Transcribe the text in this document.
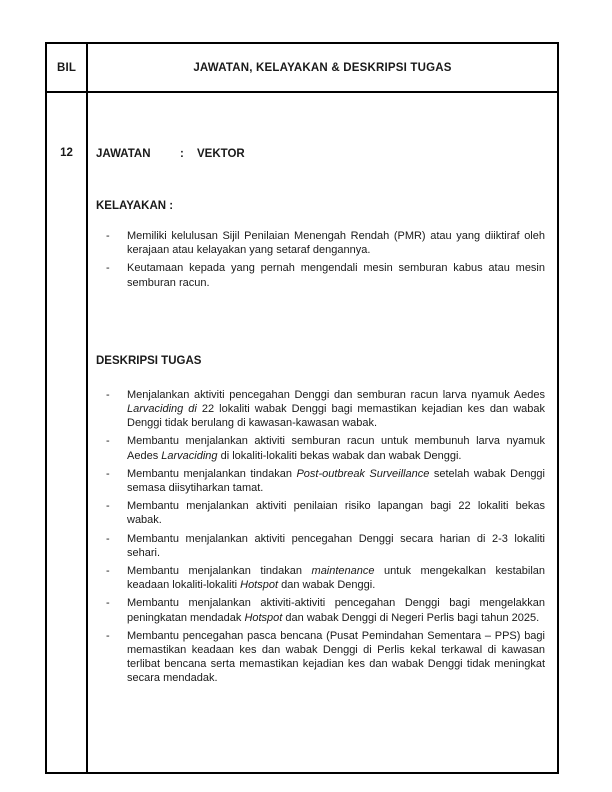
BIL	JAWATAN, KELAYAKAN & DESKRIPSI TUGAS
12	JAWATAN	:	VEKTOR
KELAYAKAN :
-	Memiliki kelulusan Sijil Penilaian Menengah Rendah (PMR) atau yang diiktiraf oleh kerajaan atau kelayakan yang setaraf dengannya.
-	Keutamaan kepada yang pernah mengendali mesin semburan kabus atau mesin semburan racun.
DESKRIPSI TUGAS
-	Menjalankan aktiviti pencegahan Denggi dan semburan racun larva nyamuk Aedes Larvaciding di 22 lokaliti wabak Denggi bagi memastikan kejadian kes dan wabak Denggi tidak berulang di kawasan-kawasan wabak.
-	Membantu menjalankan aktiviti semburan racun untuk membunuh larva nyamuk Aedes Larvaciding di lokaliti-lokaliti bekas wabak dan wabak Denggi.
-	Membantu menjalankan tindakan Post-outbreak Surveillance setelah wabak Denggi semasa diisytiharkan tamat.
-	Membantu menjalankan aktiviti penilaian risiko lapangan bagi 22 lokaliti bekas wabak.
-	Membantu menjalankan aktiviti pencegahan Denggi secara harian di 2-3 lokaliti sehari.
-	Membantu menjalankan tindakan maintenance untuk mengekalkan kestabilan keadaan lokaliti-lokaliti Hotspot dan wabak Denggi.
-	Membantu menjalankan aktiviti-aktiviti pencegahan Denggi bagi mengelakkan peningkatan mendadak Hotspot dan wabak Denggi di Negeri Perlis bagi tahun 2025.
-	Membantu pencegahan pasca bencana (Pusat Pemindahan Sementara – PPS) bagi memastikan keadaan kes dan wabak Denggi di Perlis kekal terkawal di kawasan terlibat bencana serta memastikan kejadian kes dan wabak Denggi tidak meningkat secara mendadak.
